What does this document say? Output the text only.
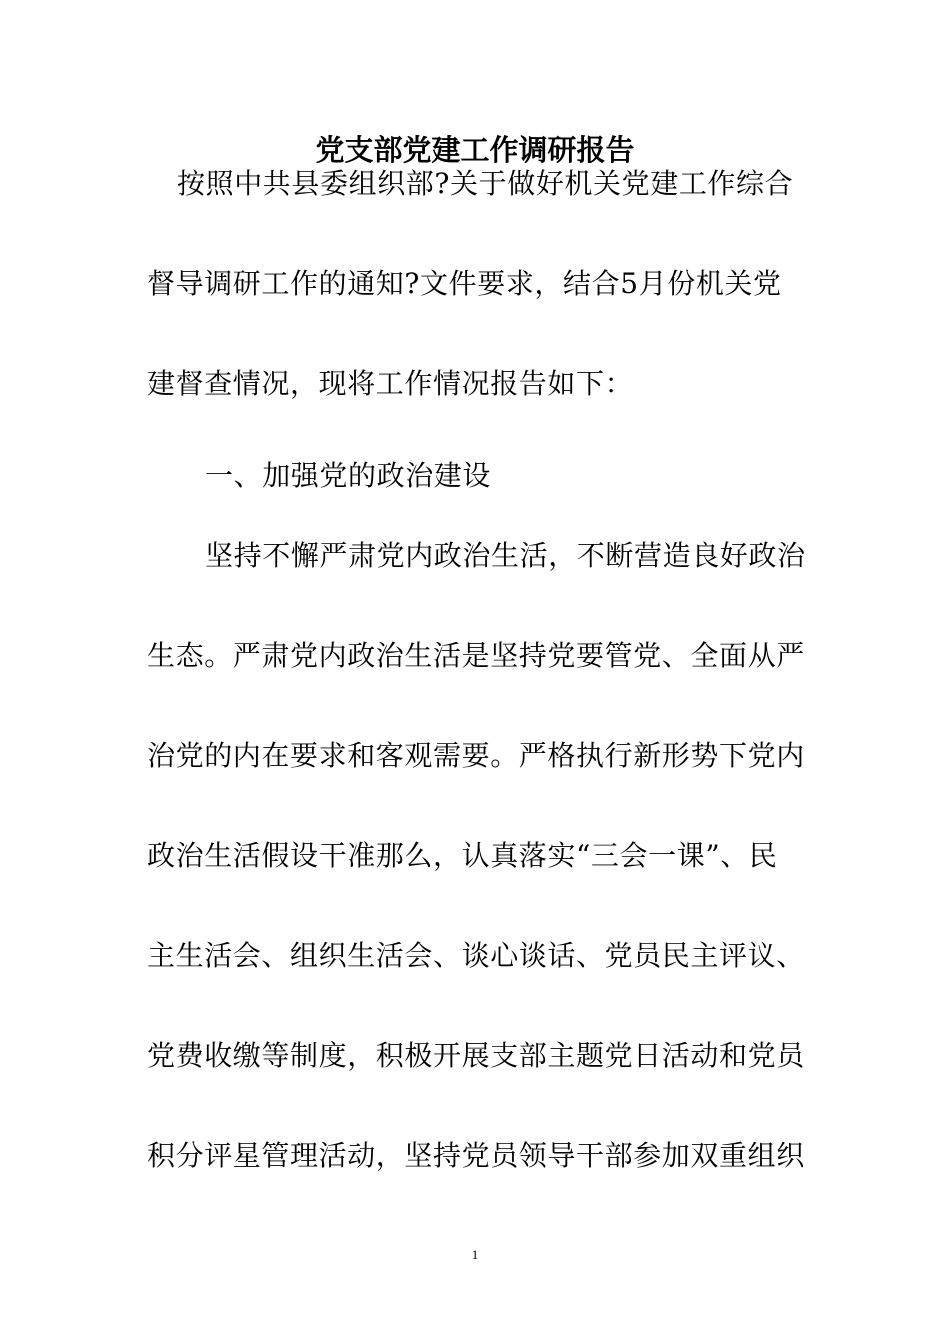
党支部党建工作调研报告
按照中共县委组织部?关于做好机关党建工作综合
督导调研工作的通知?文件要求，结合5月份机关党
建督查情况，现将工作情况报告如下：
一、加强党的政治建设
坚持不懈严肃党内政治生活，不断营造良好政治
生态。严肃党内政治生活是坚持党要管党、全面从严
治党的内在要求和客观需要。严格执行新形势下党内
政治生活假设干准那么，认真落实“三会一课”、民
主生活会、组织生活会、谈心谈话、党员民主评议、
党费收缴等制度，积极开展支部主题党日活动和党员
积分评星管理活动，坚持党员领导干部参加双重组织
1
